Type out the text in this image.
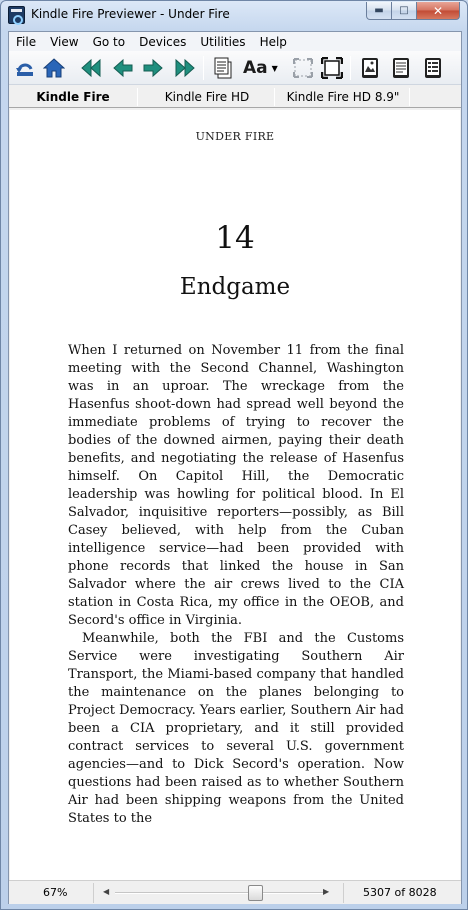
Kindle Fire Previewer - Under Fire	▬ □ ✕
File	View	Go to	Devices	Utilities	Help
Aa ▼
Kindle Fire	Kindle Fire HD	Kindle Fire HD 8.9"
UNDER FIRE
14
Endgame

When I returned on November 11 from the final meeting with the Second Channel, Washington was in an uproar. The wreckage from the Hasenfus shoot-down had spread well beyond the immediate problems of trying to recover the bodies of the downed airmen, paying their death benefits, and negotiating the release of Hasenfus himself. On Capitol Hill, the Democratic leadership was howling for political blood. In El Salvador, inquisitive reporters—possibly, as Bill Casey believed, with help from the Cuban intelligence service—had been provided with phone records that linked the house in San Salvador where the air crews lived to the CIA station in Costa Rica, my office in the OEOB, and Secord's office in Virginia.

Meanwhile, both the FBI and the Customs Service were investigating Southern Air Transport, the Miami-based company that handled the maintenance on the planes belonging to Project Democracy. Years earlier, Southern Air had been a CIA proprietary, and it still provided contract services to several U.S. government agencies—and to Dick Secord's operation. Now questions had been raised as to whether Southern Air had been shipping weapons from the United States to the

67%	◀	▶	5307 of 8028
